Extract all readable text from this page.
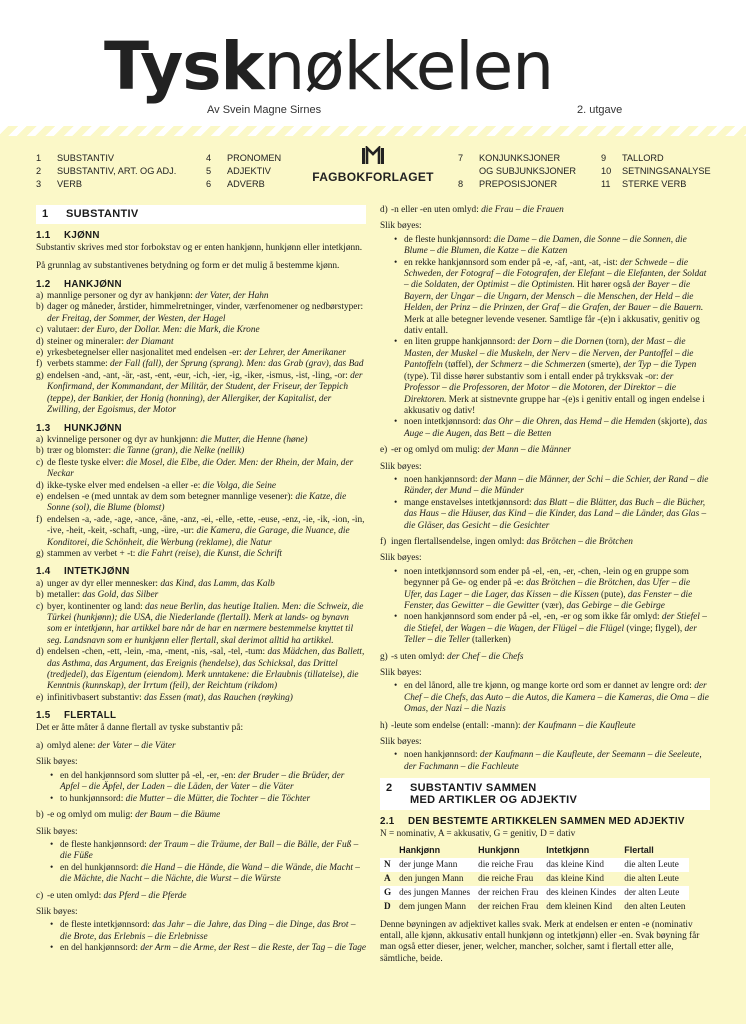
Tysknøkkelen
Av Svein Magne Sirnes	2. utgave
1	SUBSTANTIV
2	SUBSTANTIV, ART. OG ADJ.
3	VERB
4	PRONOMEN
5	ADJEKTIV
6	ADVERB	FAGBOKFORLAGET
7	KONJUNKSJONER
OG SUBJUNKSJONER
8	PREPOSISJONER
9	TALLORD
10	SETNINGSANALYSE
11	STERKE VERB
1	SUBSTANTIV
1.1	KJØNN

Substantiv skrives med stor forbokstav og er enten hankjønn, hunkjønn eller intetkjønn.

På grunnlag av substantivenes betydning og form er det mulig å bestemme kjønn.

1.2	HANKJØNN
a) mannlige personer og dyr av hankjønn: der Vater, der Hahn
b) dager og måneder, årstider, himmelretninger, vinder, værfenomener og nedbørstyper: der Freitag, der Sommer, der Westen, der Hagel
c) valutaer: der Euro, der Dollar. Men: die Mark, die Krone
d) steiner og mineraler: der Diamant
e) yrkesbetegnelser eller nasjonalitet med endelsen -er: der Lehrer, der Amerikaner
f) verbets stamme: der Fall (fall), der Sprung (sprang). Men: das Grab (grav), das Bad
g) endelsen -and, -ant, -är, -ast, -ent, -eur, -ich, -ier, -ig, -iker, -ismus, -ist, -ling, -or: der Konfirmand, der Kommandant, der Militär, der Student, der Friseur, der Teppich (teppe), der Bankier, der Honig (honning), der Allergiker, der Kapitalist, der Zwilling, der Egoismus, der Motor
1.3	HUNKJØNN
a) kvinnelige personer og dyr av hunkjønn: die Mutter, die Henne (høne)
b) trær og blomster: die Tanne (gran), die Nelke (nellik)
c) de fleste tyske elver: die Mosel, die Elbe, die Oder. Men: der Rhein, der Main, der Neckar
d) ikke-tyske elver med endelsen -a eller -e: die Volga, die Seine
e) endelsen -e (med unntak av dem som betegner mannlige vesener): die Katze, die Sonne (sol), die Blume (blomst)
f) endelsen -a, -ade, -age, -ance, -äne, -anz, -ei, -elle, -ette, -euse, -enz, -ie, -ik, -ion, -in, -ive, -heit, -keit, -schaft, -ung, -üre, -ur: die Kamera, die Garage, die Nuance, die Konditorei, die Schönheit, die Werbung (reklame), die Natur
g) stammen av verbet + -t: die Fahrt (reise), die Kunst, die Schrift
1.4	INTETKJØNN
a) unger av dyr eller mennesker: das Kind, das Lamm, das Kalb
b) metaller: das Gold, das Silber
c) byer, kontinenter og land: das neue Berlin, das heutige Italien. Men: die Schweiz, die Türkei (hunkjønn); die USA, die Niederlande (flertall). Merk at lands- og bynavn som er intetkjønn, har artikkel bare når de har en nærmere bestemmelse knyttet til seg. Landsnavn som er hunkjønn eller flertall, skal derimot alltid ha artikkel.
d) endelsen -chen, -ett, -lein, -ma, -ment, -nis, -sal, -tel, -tum: das Mädchen, das Ballett, das Asthma, das Argument, das Ereignis (hendelse), das Schicksal, das Drittel (tredjedel), das Eigentum (eiendom). Merk unntakene: die Erlaubnis (tillatelse), die Kenntnis (kunnskap), der Irrtum (feil), der Reichtum (rikdom)
e) infinitivbasert substantiv: das Essen (mat), das Rauchen (røyking)
1.5	FLERTALL

Det er åtte måter å danne flertall av tyske substantiv på:

a) omlyd alene: der Vater – die Väter

Slik bøyes:

• en del hankjønnsord som slutter på -el, -er, -en: der Bruder – die Brüder, der Apfel – die Äpfel, der Laden – die Läden, der Vater – die Väter
• to hunkjønnsord: die Mutter – die Mütter, die Tochter – die Töchter
b) -e og omlyd om mulig: der Baum – die Bäume

Slik bøyes:

• de fleste hankjønnsord: der Traum – die Träume, der Ball – die Bälle, der Fuß – die Füße
• en del hunkjønnsord: die Hand – die Hände, die Wand – die Wände, die Macht – die Mächte, die Nacht – die Nächte, die Wurst – die Würste
c) -e uten omlyd: das Pferd – die Pferde

Slik bøyes:

• de fleste intetkjønnsord: das Jahr – die Jahre, das Ding – die Dinge, das Brot – die Brote, das Erlebnis – die Erlebnisse
• en del hankjønnsord: der Arm – die Arme, der Rest – die Reste, der Tag – die Tage
d) -n eller -en uten omlyd: die Frau – die Frauen

Slik bøyes:

• de fleste hunkjønnsord: die Dame – die Damen, die Sonne – die Sonnen, die Blume – die Blumen, die Katze – die Katzen
• en rekke hankjønnsord som ender på -e, -af, -ant, -at, -ist: der Schwede – die Schweden, der Fotograf – die Fotografen, der Elefant – die Elefanten, der Soldat – die Soldaten, der Optimist – die Optimisten. Hit hører også der Bayer – die Bayern, der Ungar – die Ungarn, der Mensch – die Menschen, der Held – die Helden, der Prinz – die Prinzen, der Graf – die Grafen, der Bauer – die Bauern. Merk at alle betegner levende vesener. Samtlige får -(e)n i akkusativ, genitiv og dativ entall.
• en liten gruppe hankjønnsord: der Dorn – die Dornen (torn), der Mast – die Masten, der Muskel – die Muskeln, der Nerv – die Nerven, der Pantoffel – die Pantoffeln (tøffel), der Schmerz – die Schmerzen (smerte), der Typ – die Typen (type). Til disse hører substantiv som i entall ender på trykksvak -or: der Professor – die Professoren, der Motor – die Motoren, der Direktor – die Direktoren. Merk at sistnevnte gruppe har -(e)s i genitiv entall og ingen endelse i akkusativ og dativ!
• noen intetkjønnsord: das Ohr – die Ohren, das Hemd – die Hemden (skjorte), das Auge – die Augen, das Bett – die Betten
e) -er og omlyd om mulig: der Mann – die Männer

Slik bøyes:

• noen hankjønnsord: der Mann – die Männer, der Schi – die Schier, der Rand – die Ränder, der Mund – die Münder
• mange enstavelses intetkjønnsord: das Blatt – die Blätter, das Buch – die Bücher, das Haus – die Häuser, das Kind – die Kinder, das Land – die Länder, das Glas – die Gläser, das Gesicht – die Gesichter
f) ingen flertallsendelse, ingen omlyd: das Brötchen – die Brötchen

Slik bøyes:

• noen intetkjønnsord som ender på -el, -en, -er, -chen, -lein og en gruppe som begynner på Ge- og ender på -e: das Brötchen – die Brötchen, das Ufer – die Ufer, das Lager – die Lager, das Kissen – die Kissen (pute), das Fenster – die Fenster, das Gewitter – die Gewitter (vær), das Gebirge – die Gebirge
• noen hankjønnsord som ender på -el, -en, -er og som ikke får omlyd: der Stiefel – die Stiefel, der Wagen – die Wagen, der Flügel – die Flügel (vinge; flygel), der Teller – die Teller (tallerken)
g) -s uten omlyd: der Chef – die Chefs

Slik bøyes:

• en del lånord, alle tre kjønn, og mange korte ord som er dannet av lengre ord: der Chef – die Chefs, das Auto – die Autos, die Kamera – die Kameras, die Oma – die Omas, der Nazi – die Nazis
h) -leute som endelse (entall: -mann): der Kaufmann – die Kaufleute

Slik bøyes:

• noen hankjønnsord: der Kaufmann – die Kaufleute, der Seemann – die Seeleute, der Fachmann – die Fachleute
2	SUBSTANTIV SAMMEN
MED ARTIKLER OG ADJEKTIV
2.1	DEN BESTEMTE ARTIKKELEN SAMMEN MED ADJEKTIV

N = nominativ, A = akkusativ, G = genitiv, D = dativ

	Hankjønn	Hunkjønn	Intetkjønn	Flertall
N	der junge Mann	die reiche Frau	das kleine Kind	die alten Leute
A	den jungen Mann	die reiche Frau	das kleine Kind	die alten Leute
G	des jungen Mannes	der reichen Frau	des kleinen Kindes	der alten Leute
D	dem jungen Mann	der reichen Frau	dem kleinen Kind	den alten Leuten

Denne bøyningen av adjektivet kalles svak. Merk at endelsen er enten -e (nominativ entall, alle kjønn, akkusativ entall hunkjønn og intetkjønn) eller -en. Svak bøyning får man også etter dieser, jener, welcher, mancher, solcher, samt i flertall etter alle, sämtliche, beide.
